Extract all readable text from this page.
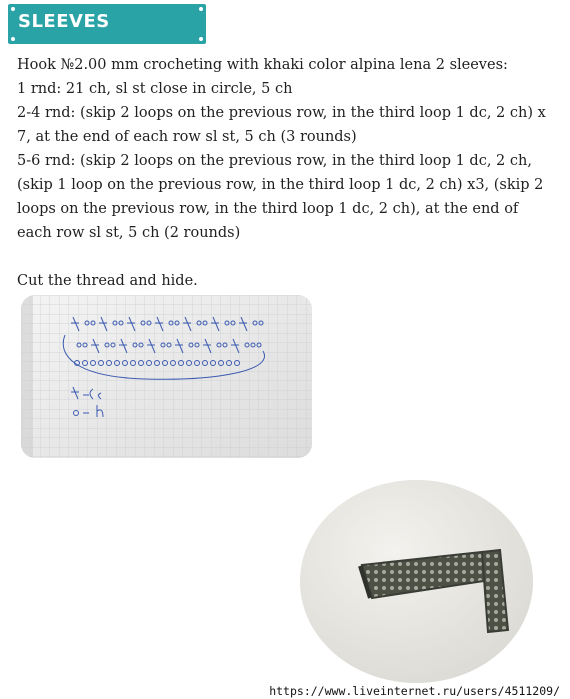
SLEEVES

Hook №2.00 mm crocheting with khaki color alpina lena 2 sleeves:

1 rnd: 21 ch, sl st close in circle, 5 ch

2-4 rnd: (skip 2 loops on the previous row, in the third loop 1 dc, 2 ch) x 7, at the end of each row sl st, 5 ch (3 rounds)

5-6 rnd: (skip 2 loops on the previous row, in the third loop 1 dc, 2 ch, (skip 1 loop on the previous row, in the third loop 1 dc, 2 ch) x3, (skip 2 loops on the previous row, in the third loop 1 dc, 2 ch), at the end of each row sl st, 5 ch (2 rounds)

Cut the thread and hide.

https://www.liveinternet.ru/users/4511209/
